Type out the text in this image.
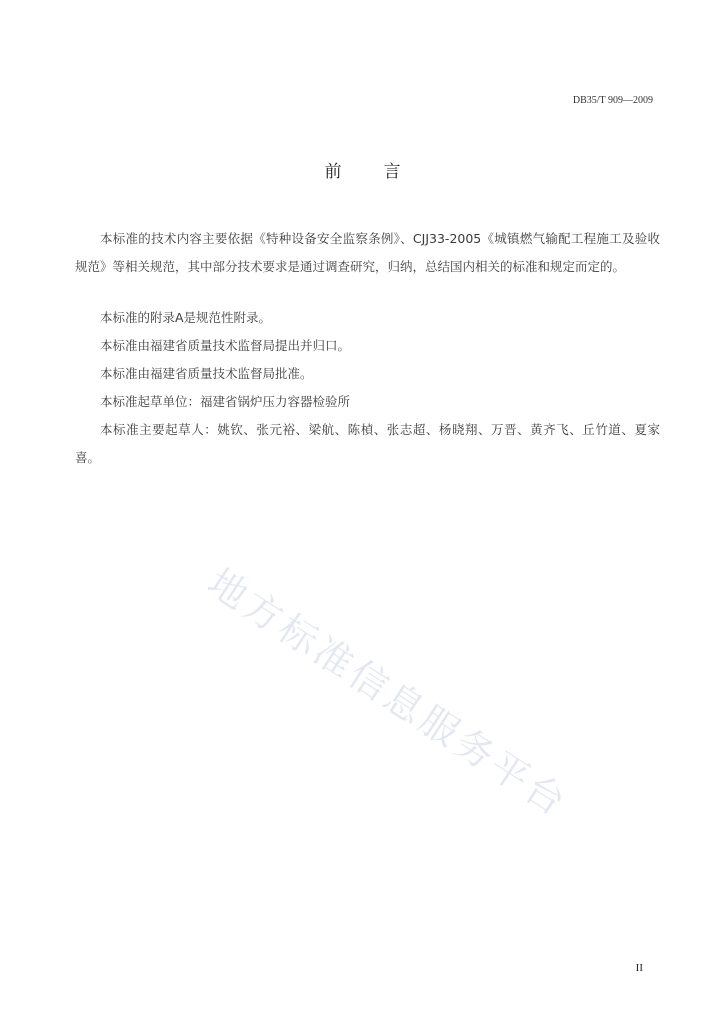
DB35/T 909—2009
前言

本标准的技术内容主要依据《特种设备安全监察条例》、CJJ33-2005《城镇燃气输配工程施工及验收规范》等相关规范，其中部分技术要求是通过调查研究，归纳，总结国内相关的标准和规定而定的。

本标准的附录A是规范性附录。

本标准由福建省质量技术监督局提出并归口。

本标准由福建省质量技术监督局批准。

本标准起草单位：福建省锅炉压力容器检验所

本标准主要起草人：姚钦、张元裕、梁航、陈楨、张志超、杨晓翔、万晋、黄齐飞、丘竹道、夏家喜。

地方标准信息服务平台
II
